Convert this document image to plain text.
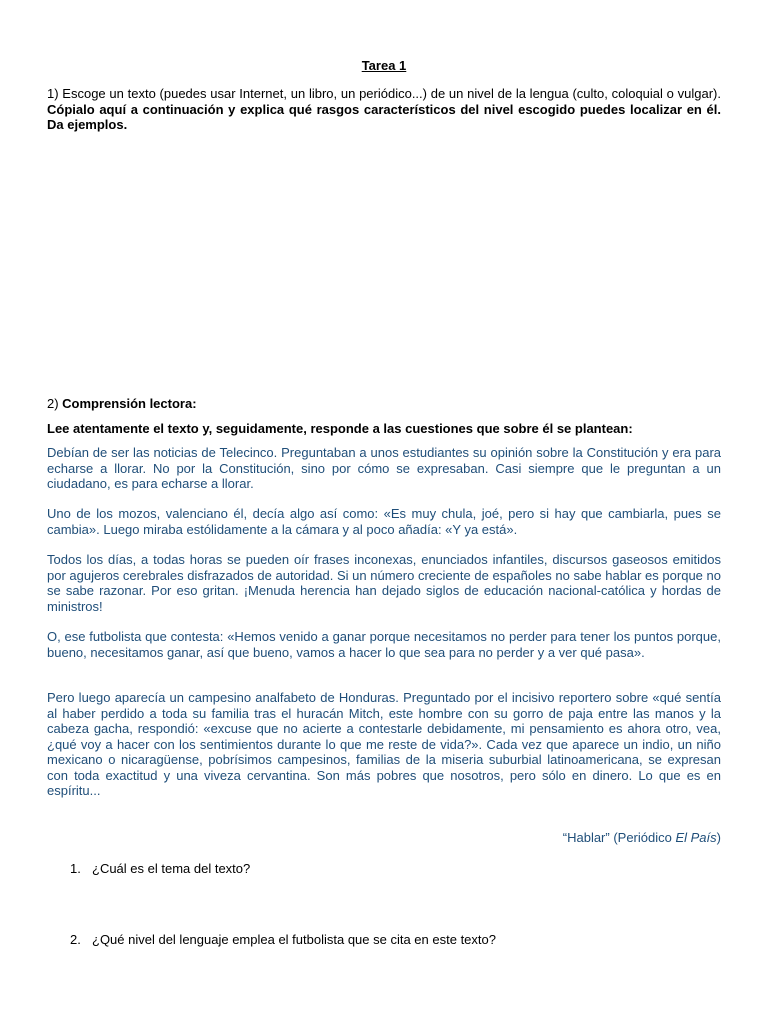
Tarea 1
1) Escoge un texto (puedes usar Internet, un libro, un periódico...) de un nivel de la lengua (culto, coloquial o vulgar). Cópialo aquí a continuación y explica qué rasgos característicos del nivel escogido puedes localizar en él. Da ejemplos.
2) Comprensión lectora:
Lee atentamente el texto y, seguidamente, responde a las cuestiones que sobre él se plantean:

Debían de ser las noticias de Telecinco. Preguntaban a unos estudiantes su opinión sobre la Constitución y era para echarse a llorar. No por la Constitución, sino por cómo se expresaban. Casi siempre que le preguntan a un ciudadano, es para echarse a llorar.

Uno de los mozos, valenciano él, decía algo así como: «Es muy chula, joé, pero si hay que cambiarla, pues se cambia». Luego miraba estólidamente a la cámara y al poco añadía: «Y ya está».

Todos los días, a todas horas se pueden oír frases inconexas, enunciados infantiles, discursos gaseosos emitidos por agujeros cerebrales disfrazados de autoridad. Si un número creciente de españoles no sabe hablar es porque no se sabe razonar. Por eso gritan. ¡Menuda herencia han dejado siglos de educación nacional-católica y hordas de ministros!

O, ese futbolista que contesta: «Hemos venido a ganar porque necesitamos no perder para tener los puntos porque, bueno, necesitamos ganar, así que bueno, vamos a hacer lo que sea para no perder y a ver qué pasa».

Pero luego aparecía un campesino analfabeto de Honduras. Preguntado por el incisivo reportero sobre «qué sentía al haber perdido a toda su familia tras el huracán Mitch, este hombre con su gorro de paja entre las manos y la cabeza gacha, respondió: «excuse que no acierte a contestarle debidamente, mi pensamiento es ahora otro, vea, ¿qué voy a hacer con los sentimientos durante lo que me reste de vida?». Cada vez que aparece un indio, un niño mexicano o nicaragüense, pobrísimos campesinos, familias de la miseria suburbial latinoamericana, se expresan con toda exactitud y una viveza cervantina. Son más pobres que nosotros, pero sólo en dinero. Lo que es en espíritu...

“Hablar” (Periódico El País)
1. ¿Cuál es el tema del texto?
2. ¿Qué nivel del lenguaje emplea el futbolista que se cita en este texto?
